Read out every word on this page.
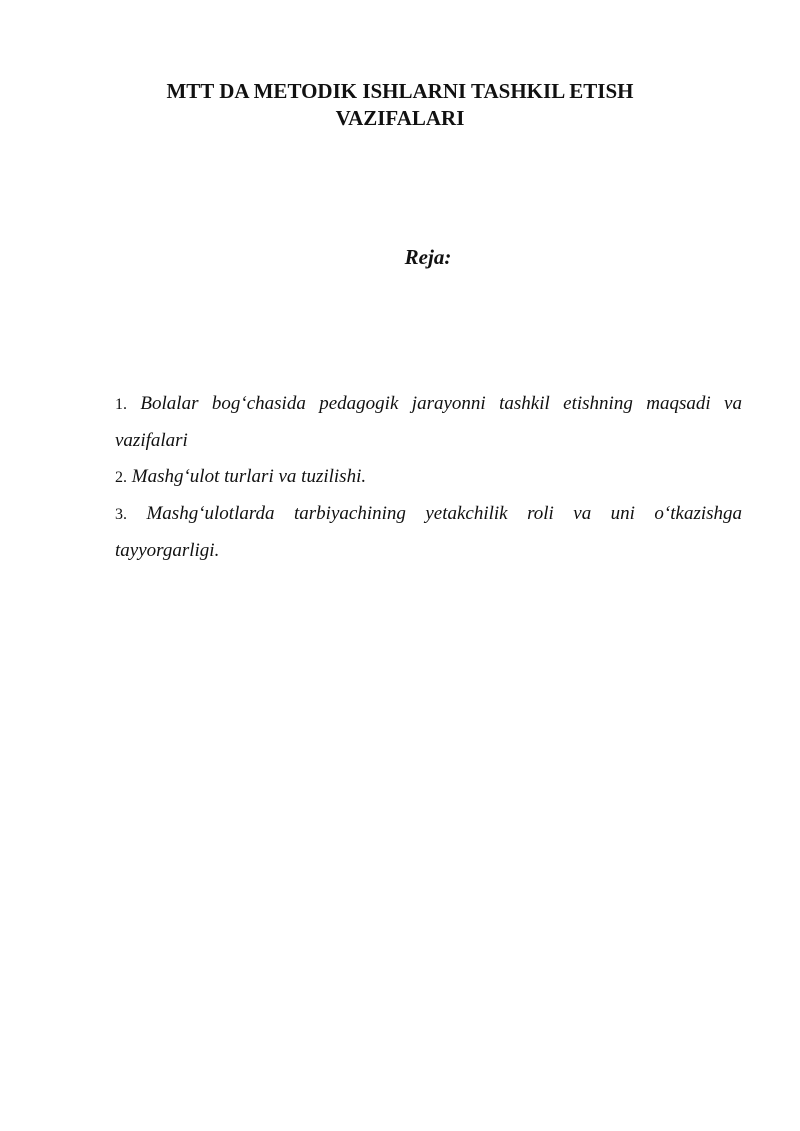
MTT DA METODIK ISHLARNI TASHKIL ETISH
VAZIFALARI

Reja:

1. Bolalar bog‘chasida pedagogik jarayonni tashkil etishning maqsadi va vazifalari
2. Mashg‘ulot turlari va tuzilishi.
3. Mashg‘ulotlarda tarbiyachining yetakchilik roli va uni o‘tkazishga tayyorgarligi.
